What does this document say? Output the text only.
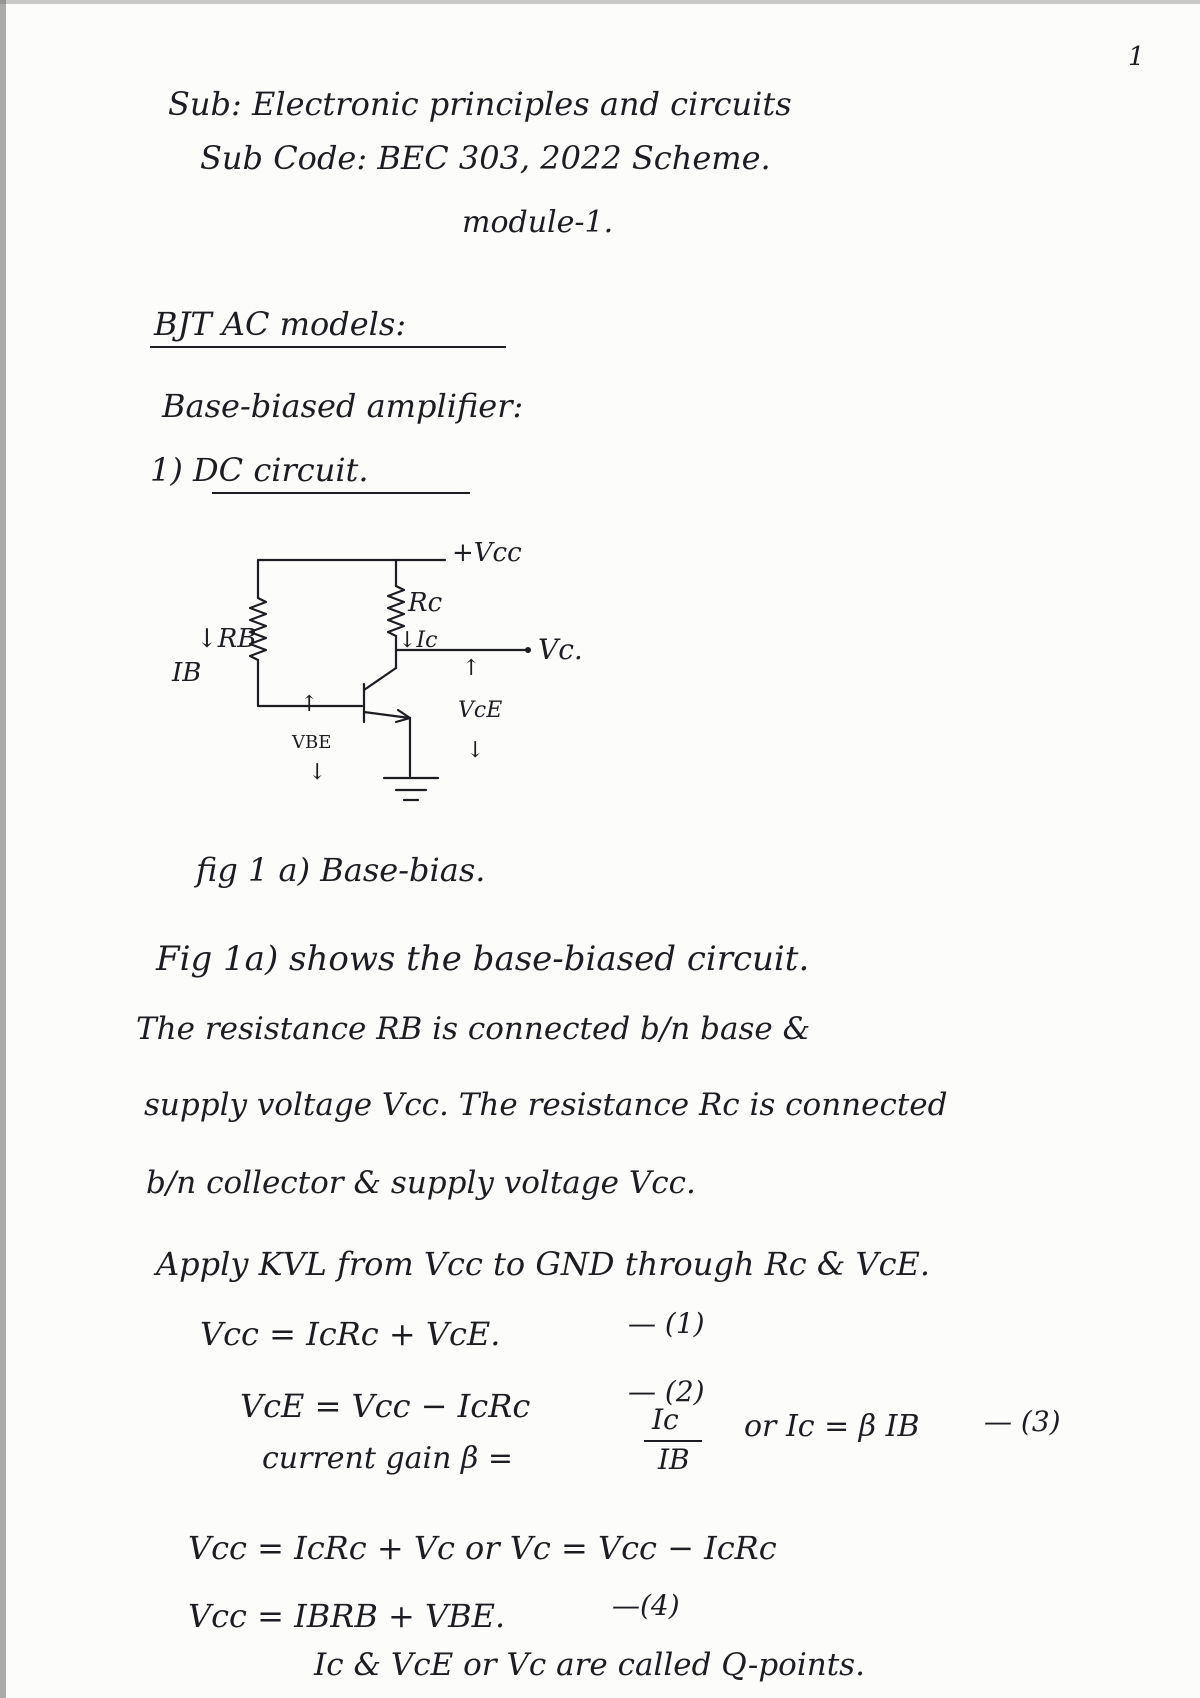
1
Sub: Electronic principles and circuits
Sub Code: BEC 303, 2022 Scheme.
module-1.
BJT AC models:
Base-biased amplifier:
1) DC circuit.
+Vcc
Rc
↓Ic
↓RB
IB
Vc.
↑
VcE
↓
↑
VBE
↓
fig 1 a) Base-bias.
Fig 1a) shows the base-biased circuit.
The resistance RB is connected b/n base &
supply voltage Vcc. The resistance Rc is connected
b/n collector & supply voltage Vcc.
Apply KVL from Vcc to GND through Rc & VcE.
Vcc = IcRc + VcE.	— (1)
VcE = Vcc − IcRc	— (2)
current gain β =
Ic
IB
or Ic = β IB — (3)
Vcc = IcRc + Vc or Vc = Vcc − IcRc
Vcc = IBRB + VBE.	—(4)
Ic & VcE or Vc are called Q-points.
